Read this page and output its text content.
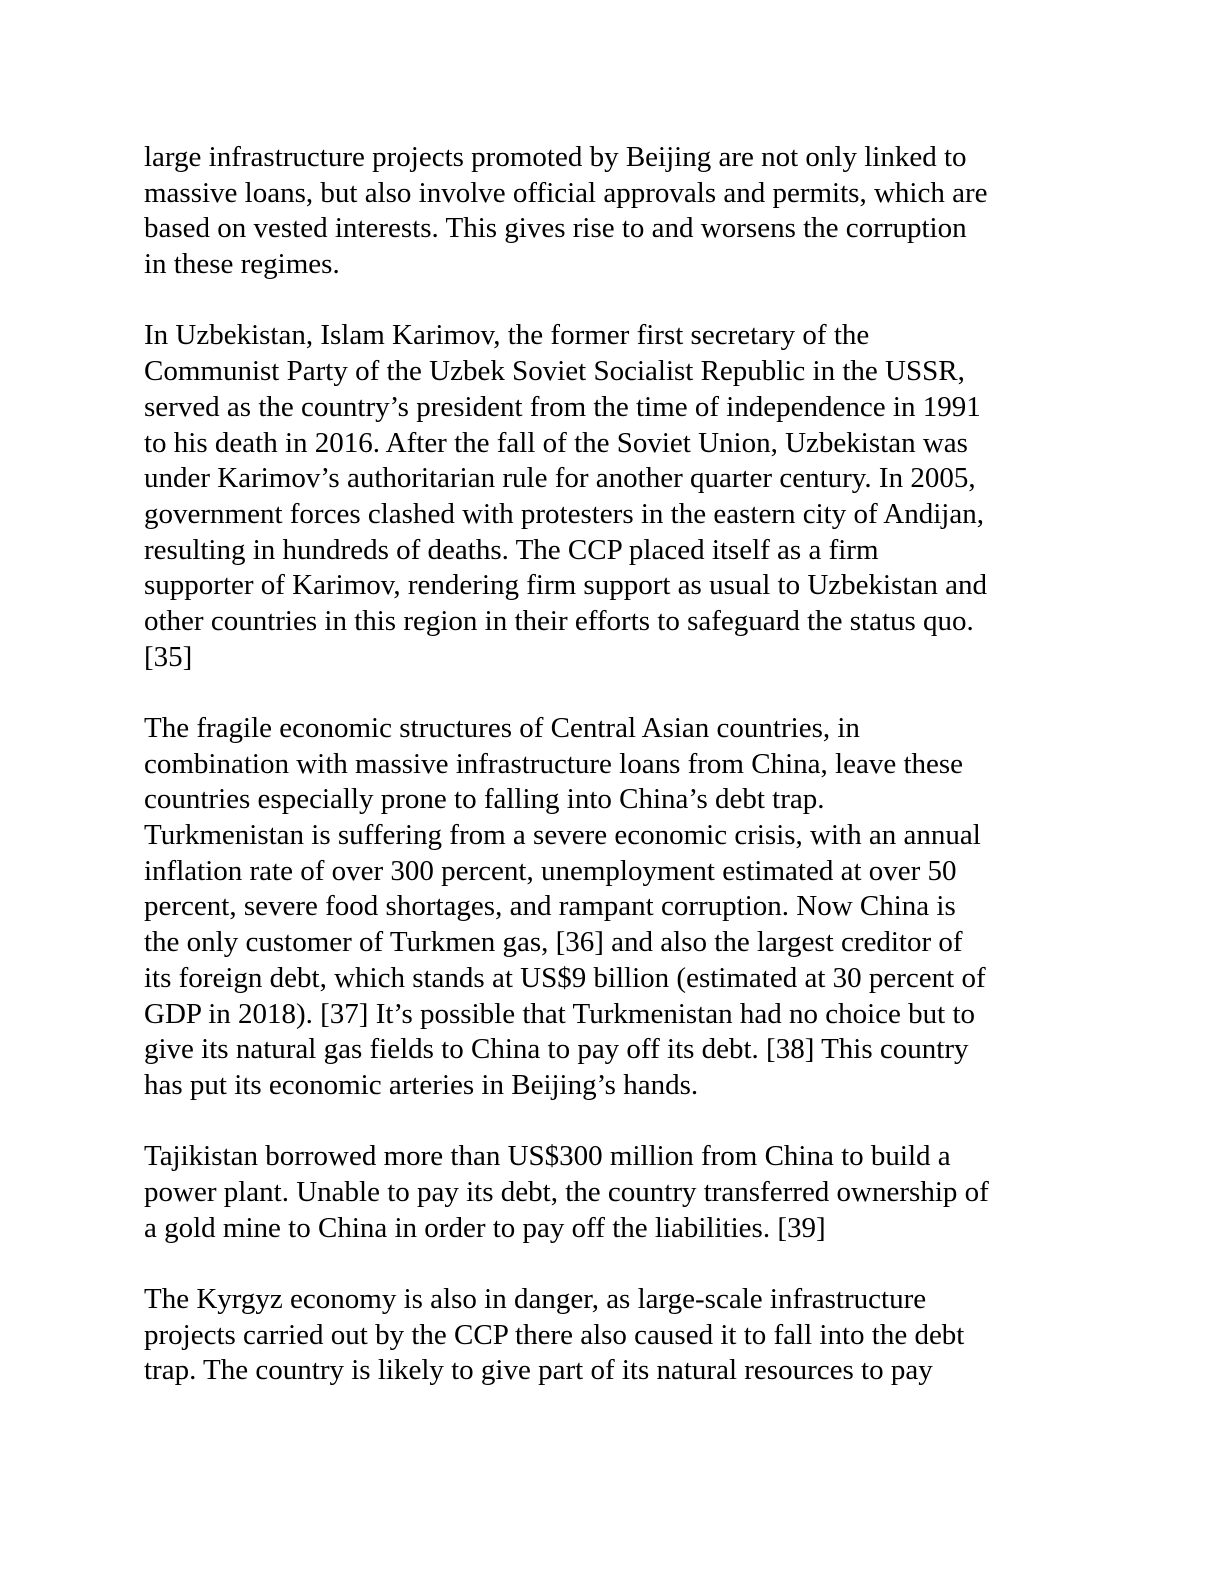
large infrastructure projects promoted by Beijing are not only linked to
massive loans, but also involve official approvals and permits, which are
based on vested interests. This gives rise to and worsens the corruption
in these regimes.
In Uzbekistan, Islam Karimov, the former first secretary of the
Communist Party of the Uzbek Soviet Socialist Republic in the USSR,
served as the country’s president from the time of independence in 1991
to his death in 2016. After the fall of the Soviet Union, Uzbekistan was
under Karimov’s authoritarian rule for another quarter century. In 2005,
government forces clashed with protesters in the eastern city of Andijan,
resulting in hundreds of deaths. The CCP placed itself as a firm
supporter of Karimov, rendering firm support as usual to Uzbekistan and
other countries in this region in their efforts to safeguard the status quo.
[35]
The fragile economic structures of Central Asian countries, in
combination with massive infrastructure loans from China, leave these
countries especially prone to falling into China’s debt trap.
Turkmenistan is suffering from a severe economic crisis, with an annual
inflation rate of over 300 percent, unemployment estimated at over 50
percent, severe food shortages, and rampant corruption. Now China is
the only customer of Turkmen gas, [36] and also the largest creditor of
its foreign debt, which stands at US$9 billion (estimated at 30 percent of
GDP in 2018). [37] It’s possible that Turkmenistan had no choice but to
give its natural gas fields to China to pay off its debt. [38] This country
has put its economic arteries in Beijing’s hands.
Tajikistan borrowed more than US$300 million from China to build a
power plant. Unable to pay its debt, the country transferred ownership of
a gold mine to China in order to pay off the liabilities. [39]
The Kyrgyz economy is also in danger, as large-scale infrastructure
projects carried out by the CCP there also caused it to fall into the debt
trap. The country is likely to give part of its natural resources to pay
